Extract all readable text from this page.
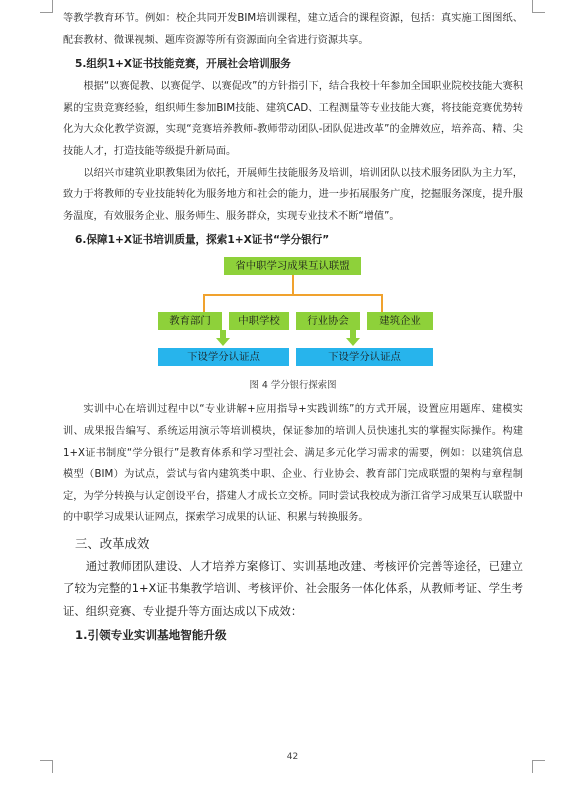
等教学教育环节。例如：校企共同开发BIM培训课程，建立适合的课程资源，包括：真实施工图图纸、配套教材、微课视频、题库资源等所有资源面向全省进行资源共享。

5.组织1+X证书技能竞赛，开展社会培训服务

根据“以赛促教、以赛促学、以赛促改”的方针指引下，结合我校十年参加全国职业院校技能大赛积累的宝贵竞赛经验，组织师生参加BIM技能、建筑CAD、工程测量等专业技能大赛，将技能竞赛优势转化为大众化教学资源，实现“竞赛培养教师-教师带动团队-团队促进改革”的金牌效应，培养高、精、尖技能人才，打造技能等级提升新局面。

以绍兴市建筑业职教集团为依托，开展师生技能服务及培训，培训团队以技术服务团队为主力军，致力于将教师的专业技能转化为服务地方和社会的能力，进一步拓展服务广度，挖掘服务深度，提升服务温度，有效服务企业、服务师生、服务群众，实现专业技术不断“增值”。

6.保障1+X证书培训质量，探索1+X证书“学分银行”
省中职学习成果互认联盟
教育部门	中职学校	行业协会	建筑企业
下设学分认证点	下设学分认证点
图 4 学分银行探索图

实训中心在培训过程中以“专业讲解+应用指导+实践训练”的方式开展，设置应用题库、建模实训、成果报告编写、系统运用演示等培训模块，保证参加的培训人员快速扎实的掌握实际操作。构建1+X证书制度“学分银行”是教育体系和学习型社会、满足多元化学习需求的需要，例如：以建筑信息模型（BIM）为试点，尝试与省内建筑类中职、企业、行业协会、教育部门完成联盟的架构与章程制定，为学分转换与认定创设平台，搭建人才成长立交桥。同时尝试我校成为浙江省学习成果互认联盟中的中职学习成果认证网点，探索学习成果的认证、积累与转换服务。

三、改革成效

通过教师团队建设、人才培养方案修订、实训基地改建、考核评价完善等途径，已建立了较为完整的1+X证书集教学培训、考核评价、社会服务一体化体系，从教师考证、学生考证、组织竞赛、专业提升等方面达成以下成效：

1.引领专业实训基地智能升级
42
